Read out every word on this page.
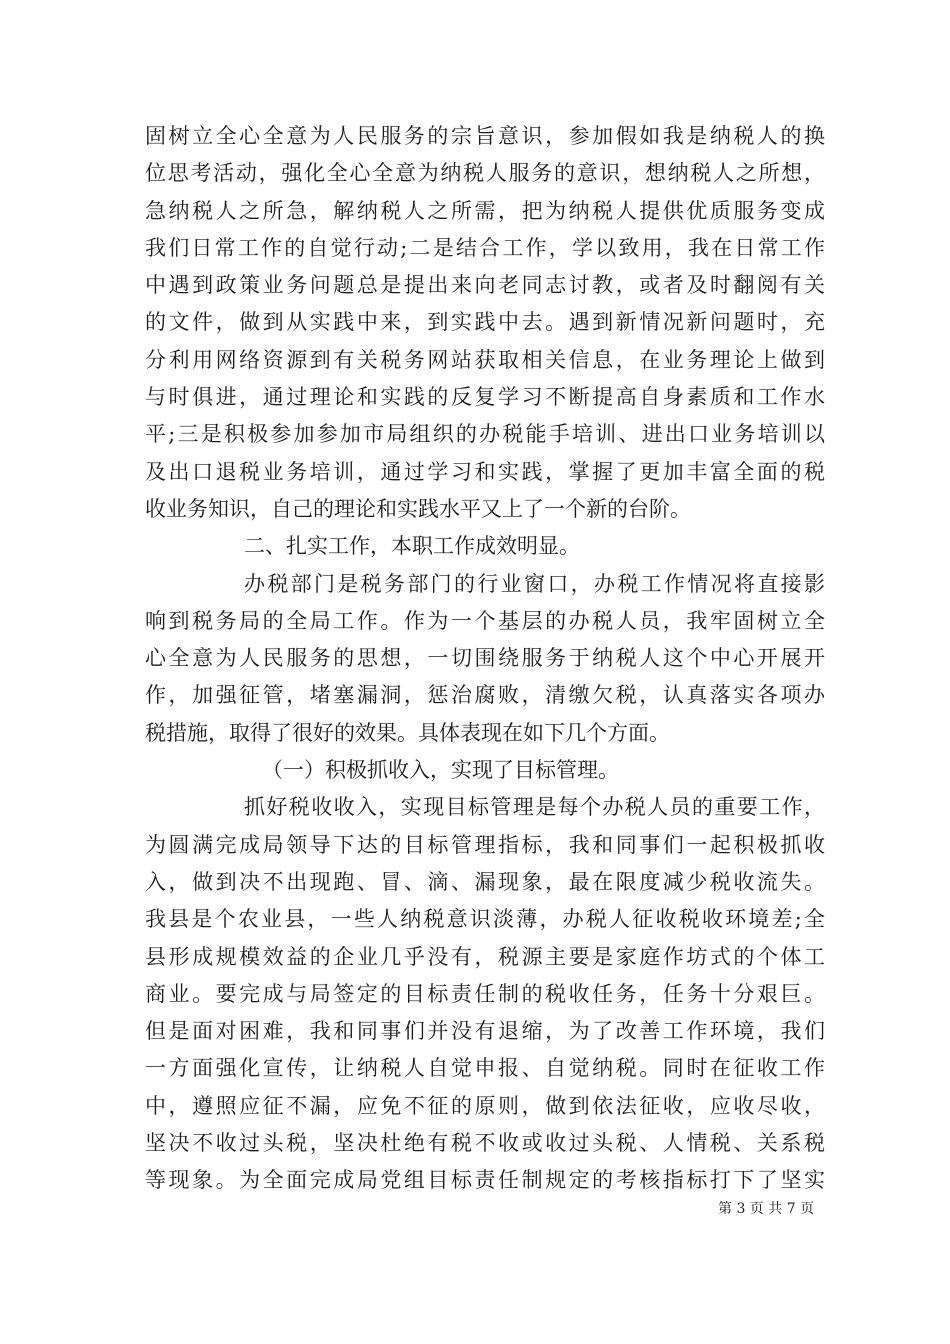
固树立全心全意为人民服务的宗旨意识，参加假如我是纳税人的换
位思考活动，强化全心全意为纳税人服务的意识，想纳税人之所想，
急纳税人之所急，解纳税人之所需，把为纳税人提供优质服务变成
我们日常工作的自觉行动;二是结合工作，学以致用，我在日常工作
中遇到政策业务问题总是提出来向老同志讨教，或者及时翻阅有关
的文件，做到从实践中来，到实践中去。遇到新情况新问题时，充
分利用网络资源到有关税务网站获取相关信息，在业务理论上做到
与时俱进，通过理论和实践的反复学习不断提高自身素质和工作水
平;三是积极参加参加市局组织的办税能手培训、进出口业务培训以
及出口退税业务培训，通过学习和实践，掌握了更加丰富全面的税
收业务知识，自己的理论和实践水平又上了一个新的台阶。
二、扎实工作，本职工作成效明显。
办税部门是税务部门的行业窗口，办税工作情况将直接影
响到税务局的全局工作。作为一个基层的办税人员，我牢固树立全
心全意为人民服务的思想，一切围绕服务于纳税人这个中心开展开
作，加强征管，堵塞漏洞，惩治腐败，清缴欠税，认真落实各项办
税措施，取得了很好的效果。具体表现在如下几个方面。
（一）积极抓收入，实现了目标管理。
抓好税收收入，实现目标管理是每个办税人员的重要工作，
为圆满完成局领导下达的目标管理指标，我和同事们一起积极抓收
入，做到决不出现跑、冒、滴、漏现象，最在限度减少税收流失。
我县是个农业县，一些人纳税意识淡薄，办税人征收税收环境差;全
县形成规模效益的企业几乎没有，税源主要是家庭作坊式的个体工
商业。要完成与局签定的目标责任制的税收任务，任务十分艰巨。
但是面对困难，我和同事们并没有退缩，为了改善工作环境，我们
一方面强化宣传，让纳税人自觉申报、自觉纳税。同时在征收工作
中，遵照应征不漏，应免不征的原则，做到依法征收，应收尽收，
坚决不收过头税，坚决杜绝有税不收或收过头税、人情税、关系税
等现象。为全面完成局党组目标责任制规定的考核指标打下了坚实
第 3 页 共 7 页
